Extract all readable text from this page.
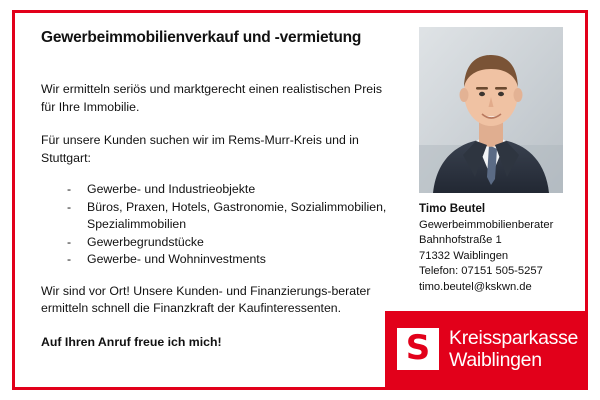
Gewerbeimmobilienverkauf und -vermietung

Wir ermitteln seriös und marktgerecht einen realistischen Preis für Ihre Immobilie.

Für unsere Kunden suchen wir im Rems-Murr-Kreis und in Stuttgart:

- Gewerbe- und Industrieobjekte
- Büros, Praxen, Hotels, Gastronomie, Sozialimmobilien, Spezialimmobilien
- Gewerbegrundstücke
- Gewerbe- und Wohninvestments

Wir sind vor Ort! Unsere Kunden- und Finanzierungs-berater ermitteln schnell die Finanzkraft der Kaufinteressenten.

Auf Ihren Anruf freue ich mich!

Timo Beutel
Gewerbeimmobilienberater
Bahnhofstraße 1
71332 Waiblingen
Telefon: 07151 505-5257
timo.beutel@kskwn.de
S Kreissparkasse
Waiblingen
